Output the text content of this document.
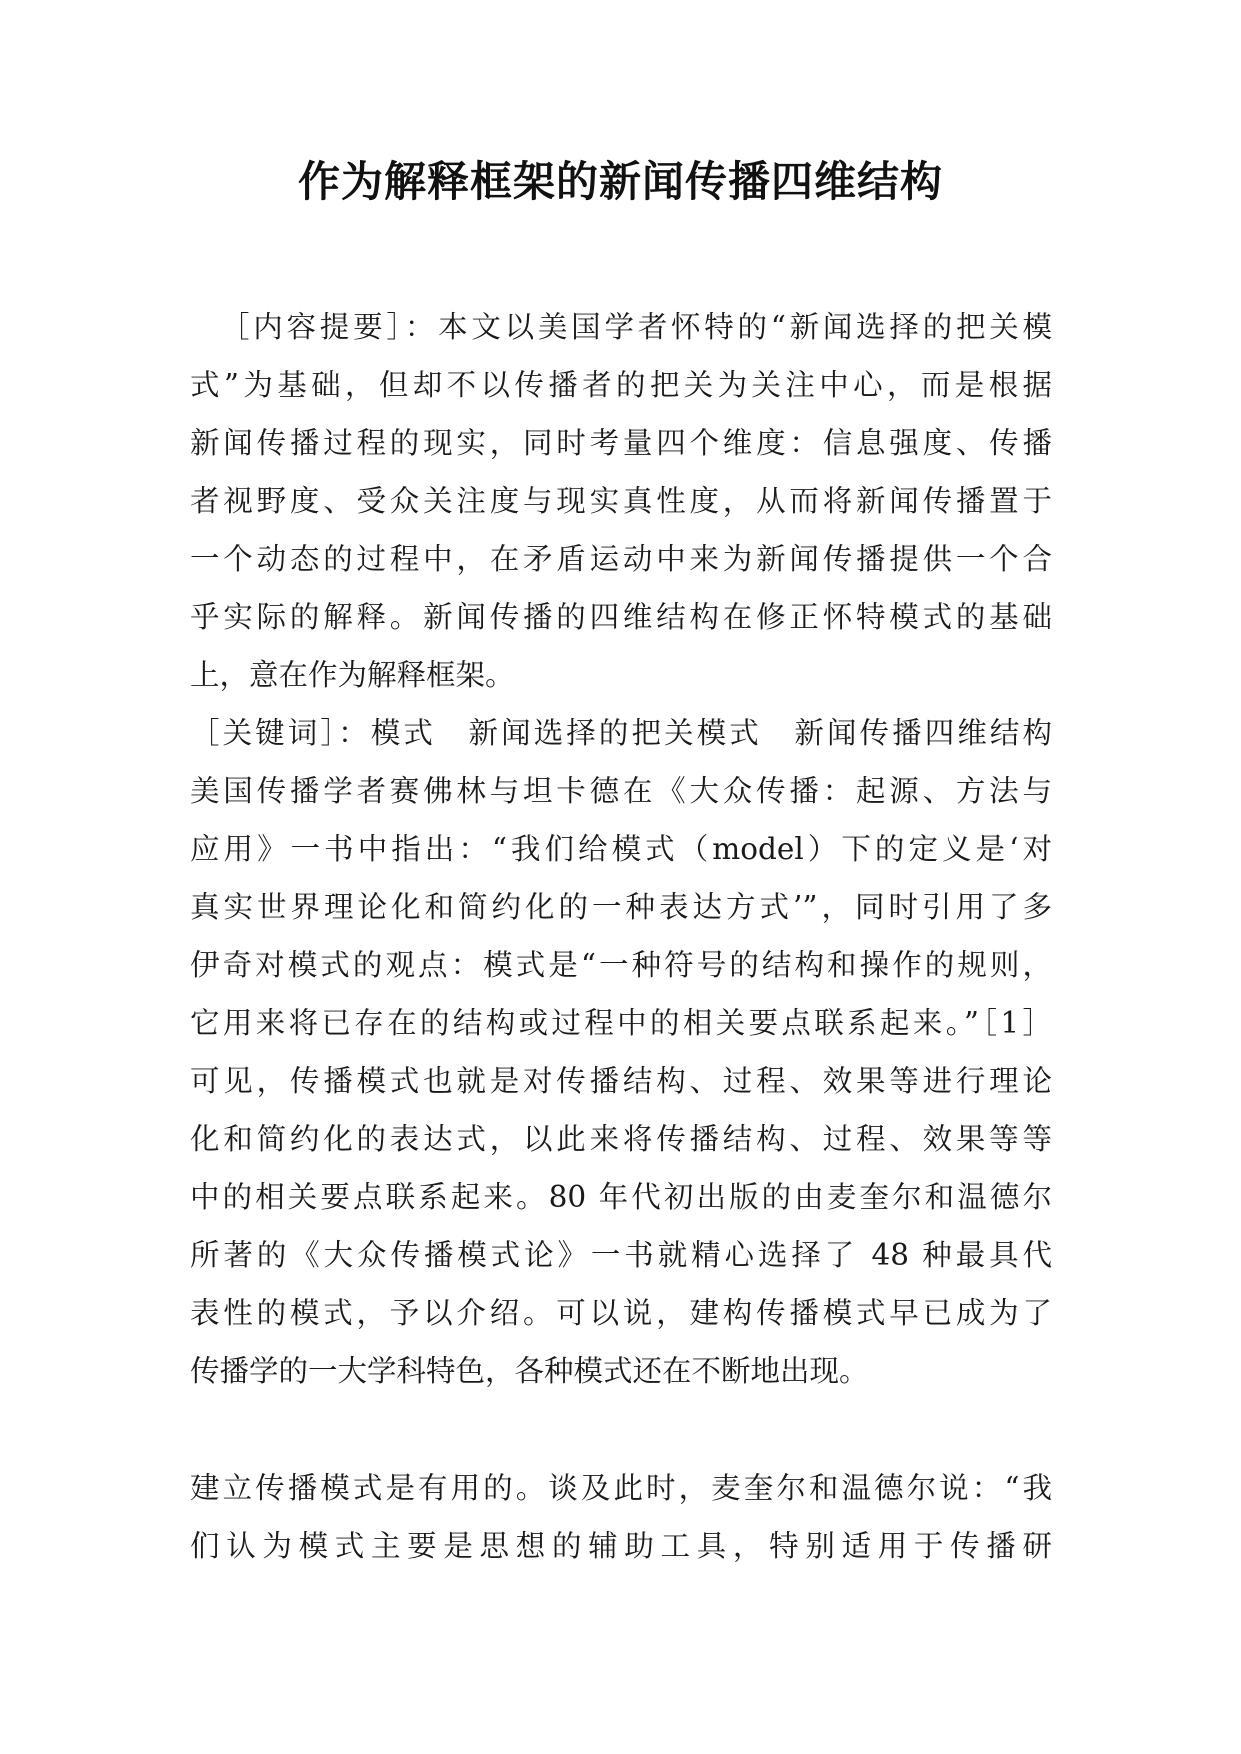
作为解释框架的新闻传播四维结构
［内容提要］：本文以美国学者怀特的“新闻选择的把关模
式”为基础，但却不以传播者的把关为关注中心，而是根据
新闻传播过程的现实，同时考量四个维度：信息强度、传播
者视野度、受众关注度与现实真性度，从而将新闻传播置于
一个动态的过程中，在矛盾运动中来为新闻传播提供一个合
乎实际的解释。新闻传播的四维结构在修正怀特模式的基础
上，意在作为解释框架。
［关键词］：模式　新闻选择的把关模式　新闻传播四维结构
美国传播学者赛佛林与坦卡德在《大众传播：起源、方法与
应用》一书中指出：“我们给模式（model）下的定义是‘对
真实世界理论化和简约化的一种表达方式’”，同时引用了多
伊奇对模式的观点：模式是“一种符号的结构和操作的规则，
它用来将已存在的结构或过程中的相关要点联系起来。”［1］
可见，传播模式也就是对传播结构、过程、效果等进行理论
化和简约化的表达式，以此来将传播结构、过程、效果等等
中的相关要点联系起来。80 年代初出版的由麦奎尔和温德尔
所著的《大众传播模式论》一书就精心选择了 48 种最具代
表性的模式，予以介绍。可以说，建构传播模式早已成为了
传播学的一大学科特色，各种模式还在不断地出现。
建立传播模式是有用的。谈及此时，麦奎尔和温德尔说：“我
们认为模式主要是思想的辅助工具，特别适用于传播研
